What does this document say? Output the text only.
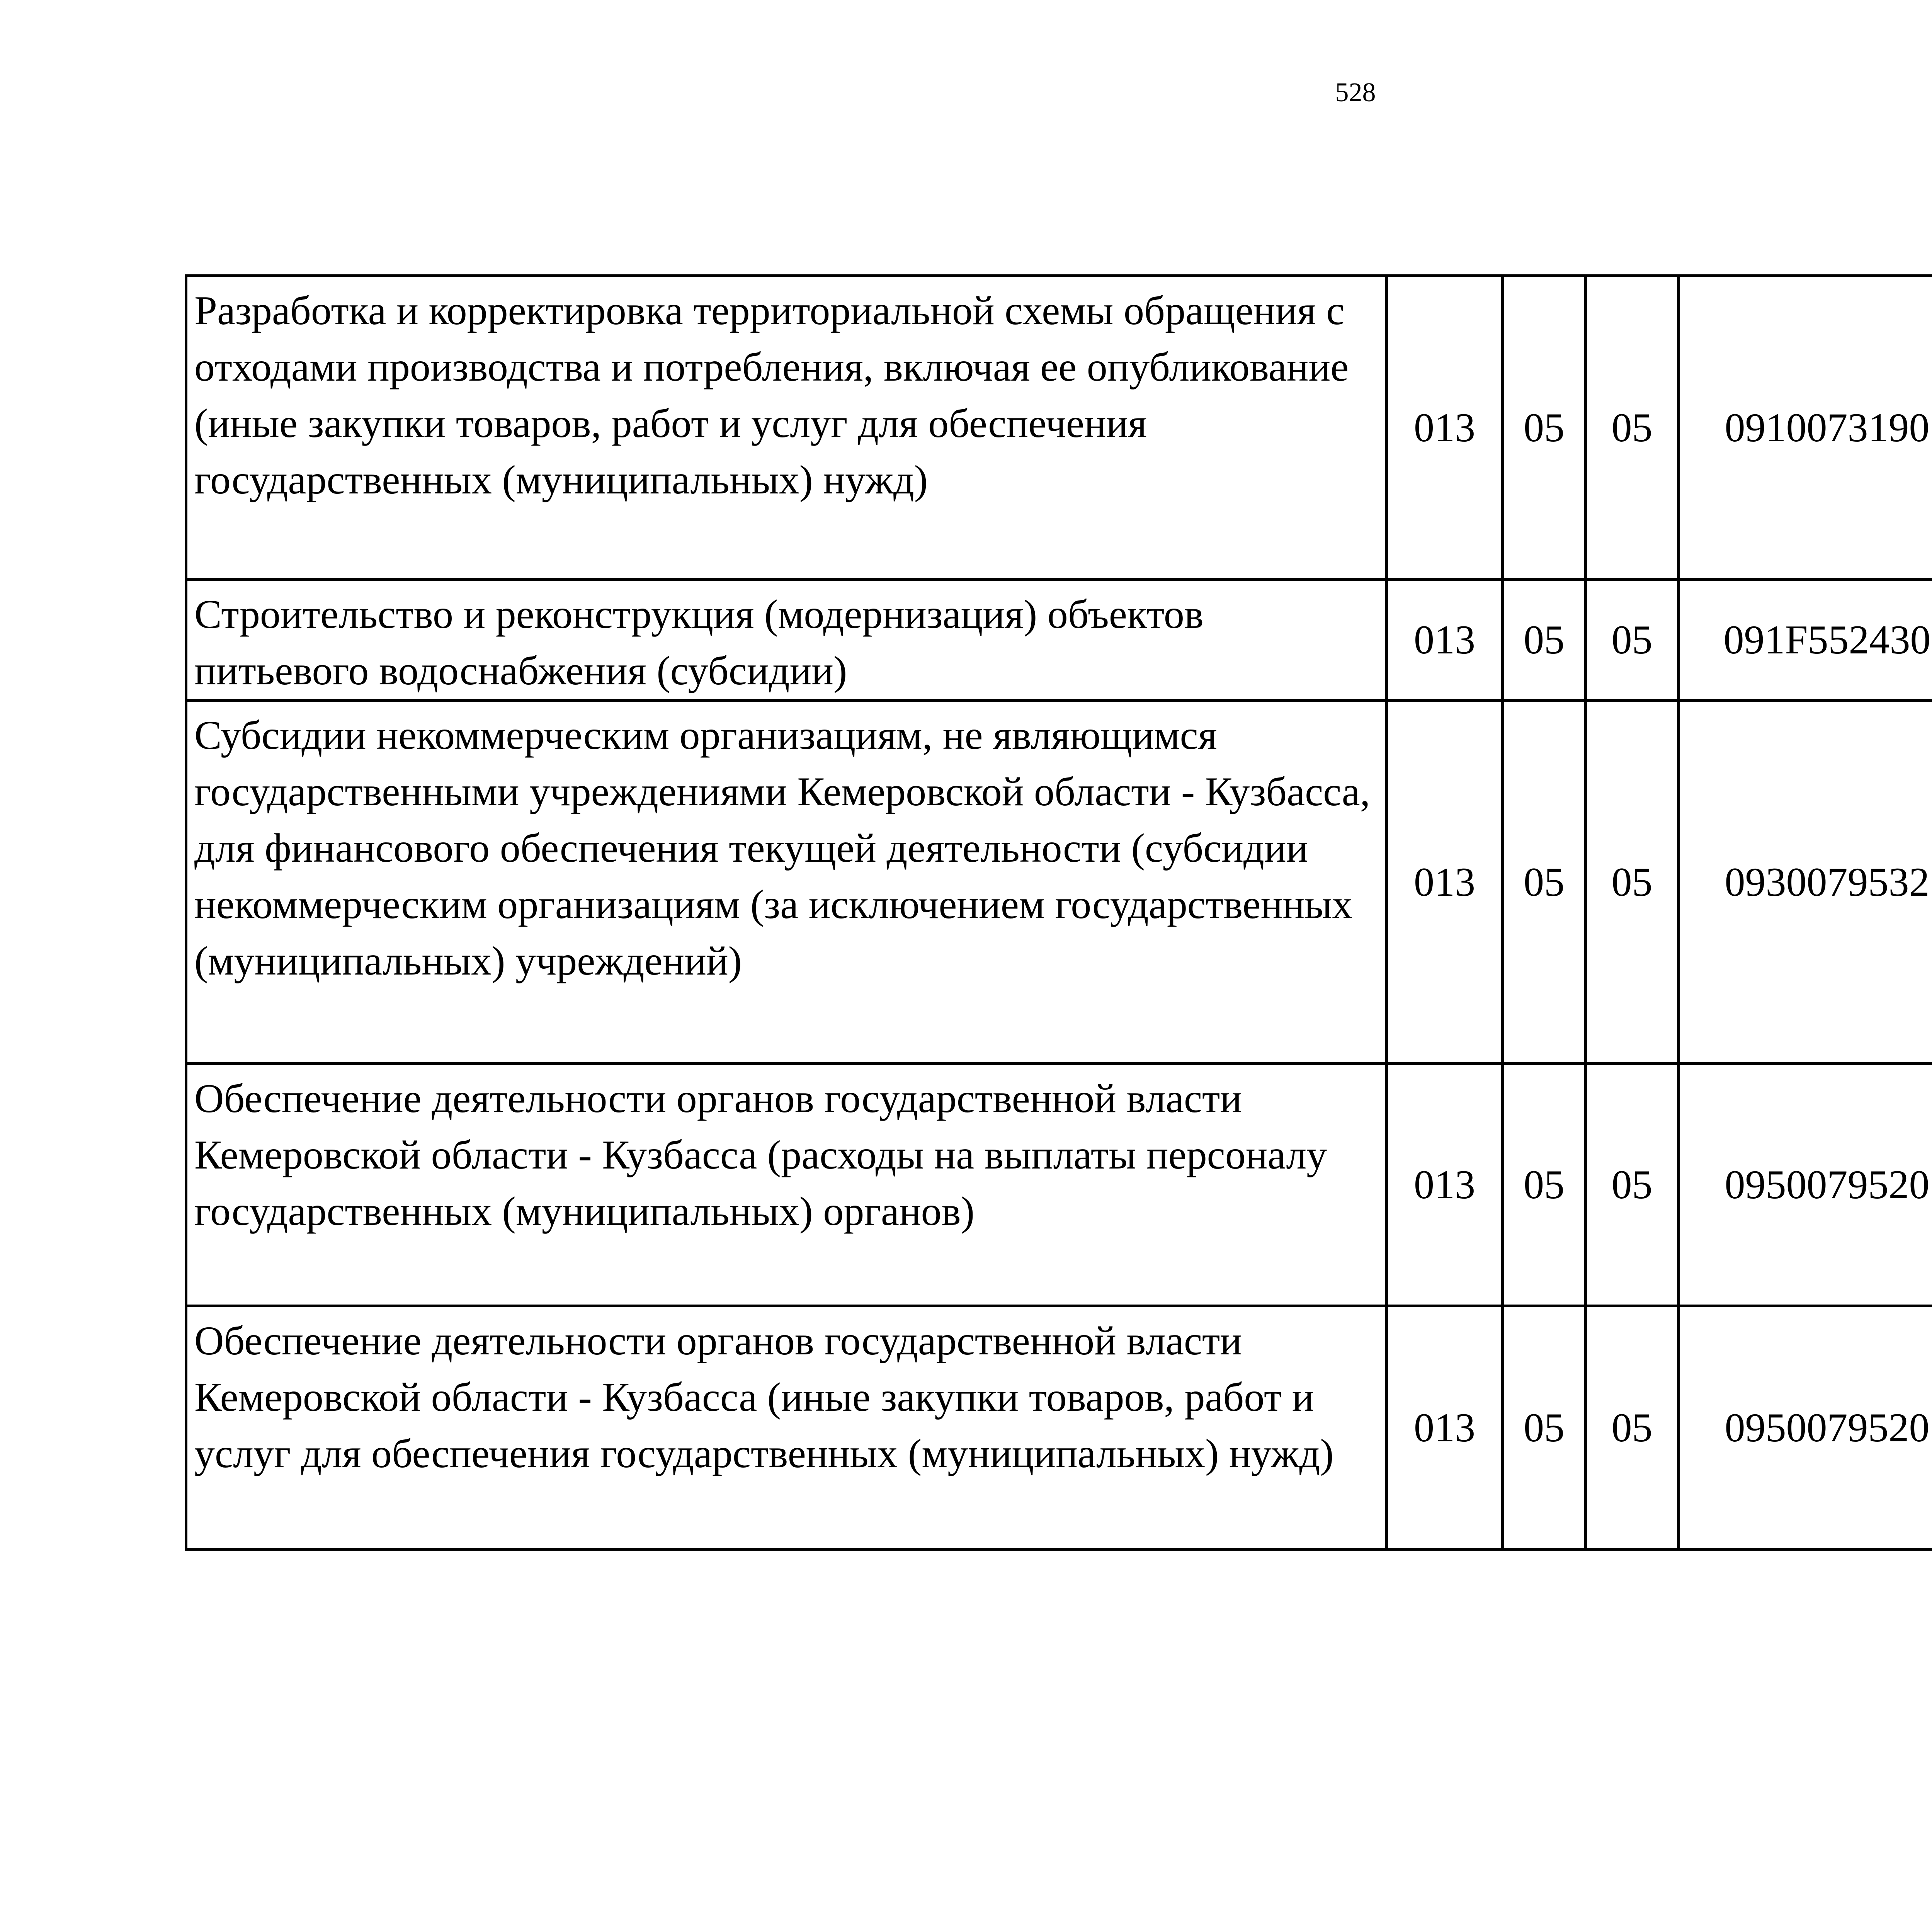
528
Разработка и корректировка территориальной схемы обращения с отходами производства и потребления, включая ее опубликование (иные закупки товаров, работ и услуг для обеспечения государственных (муниципальных) нужд)	013	05	05	0910073190		
Строительство и реконструкция (модернизация) объектов питьевого водоснабжения (субсидии)	013	05	05	091F552430		
Субсидии некоммерческим организациям, не являющимся государственными учреждениями Кемеровской области - Кузбасса, для финансового обеспечения текущей деятельности (субсидии некоммерческим организациям (за исключением государственных (муниципальных) учреждений)	013	05	05	0930079532		
Обеспечение деятельности органов государственной власти Кемеровской области - Кузбасса (расходы на выплаты персоналу государственных (муниципальных) органов)	013	05	05	0950079520		
Обеспечение деятельности органов государственной власти Кемеровской области - Кузбасса (иные закупки товаров, работ и услуг для обеспечения государственных (муниципальных) нужд)	013	05	05	0950079520		
